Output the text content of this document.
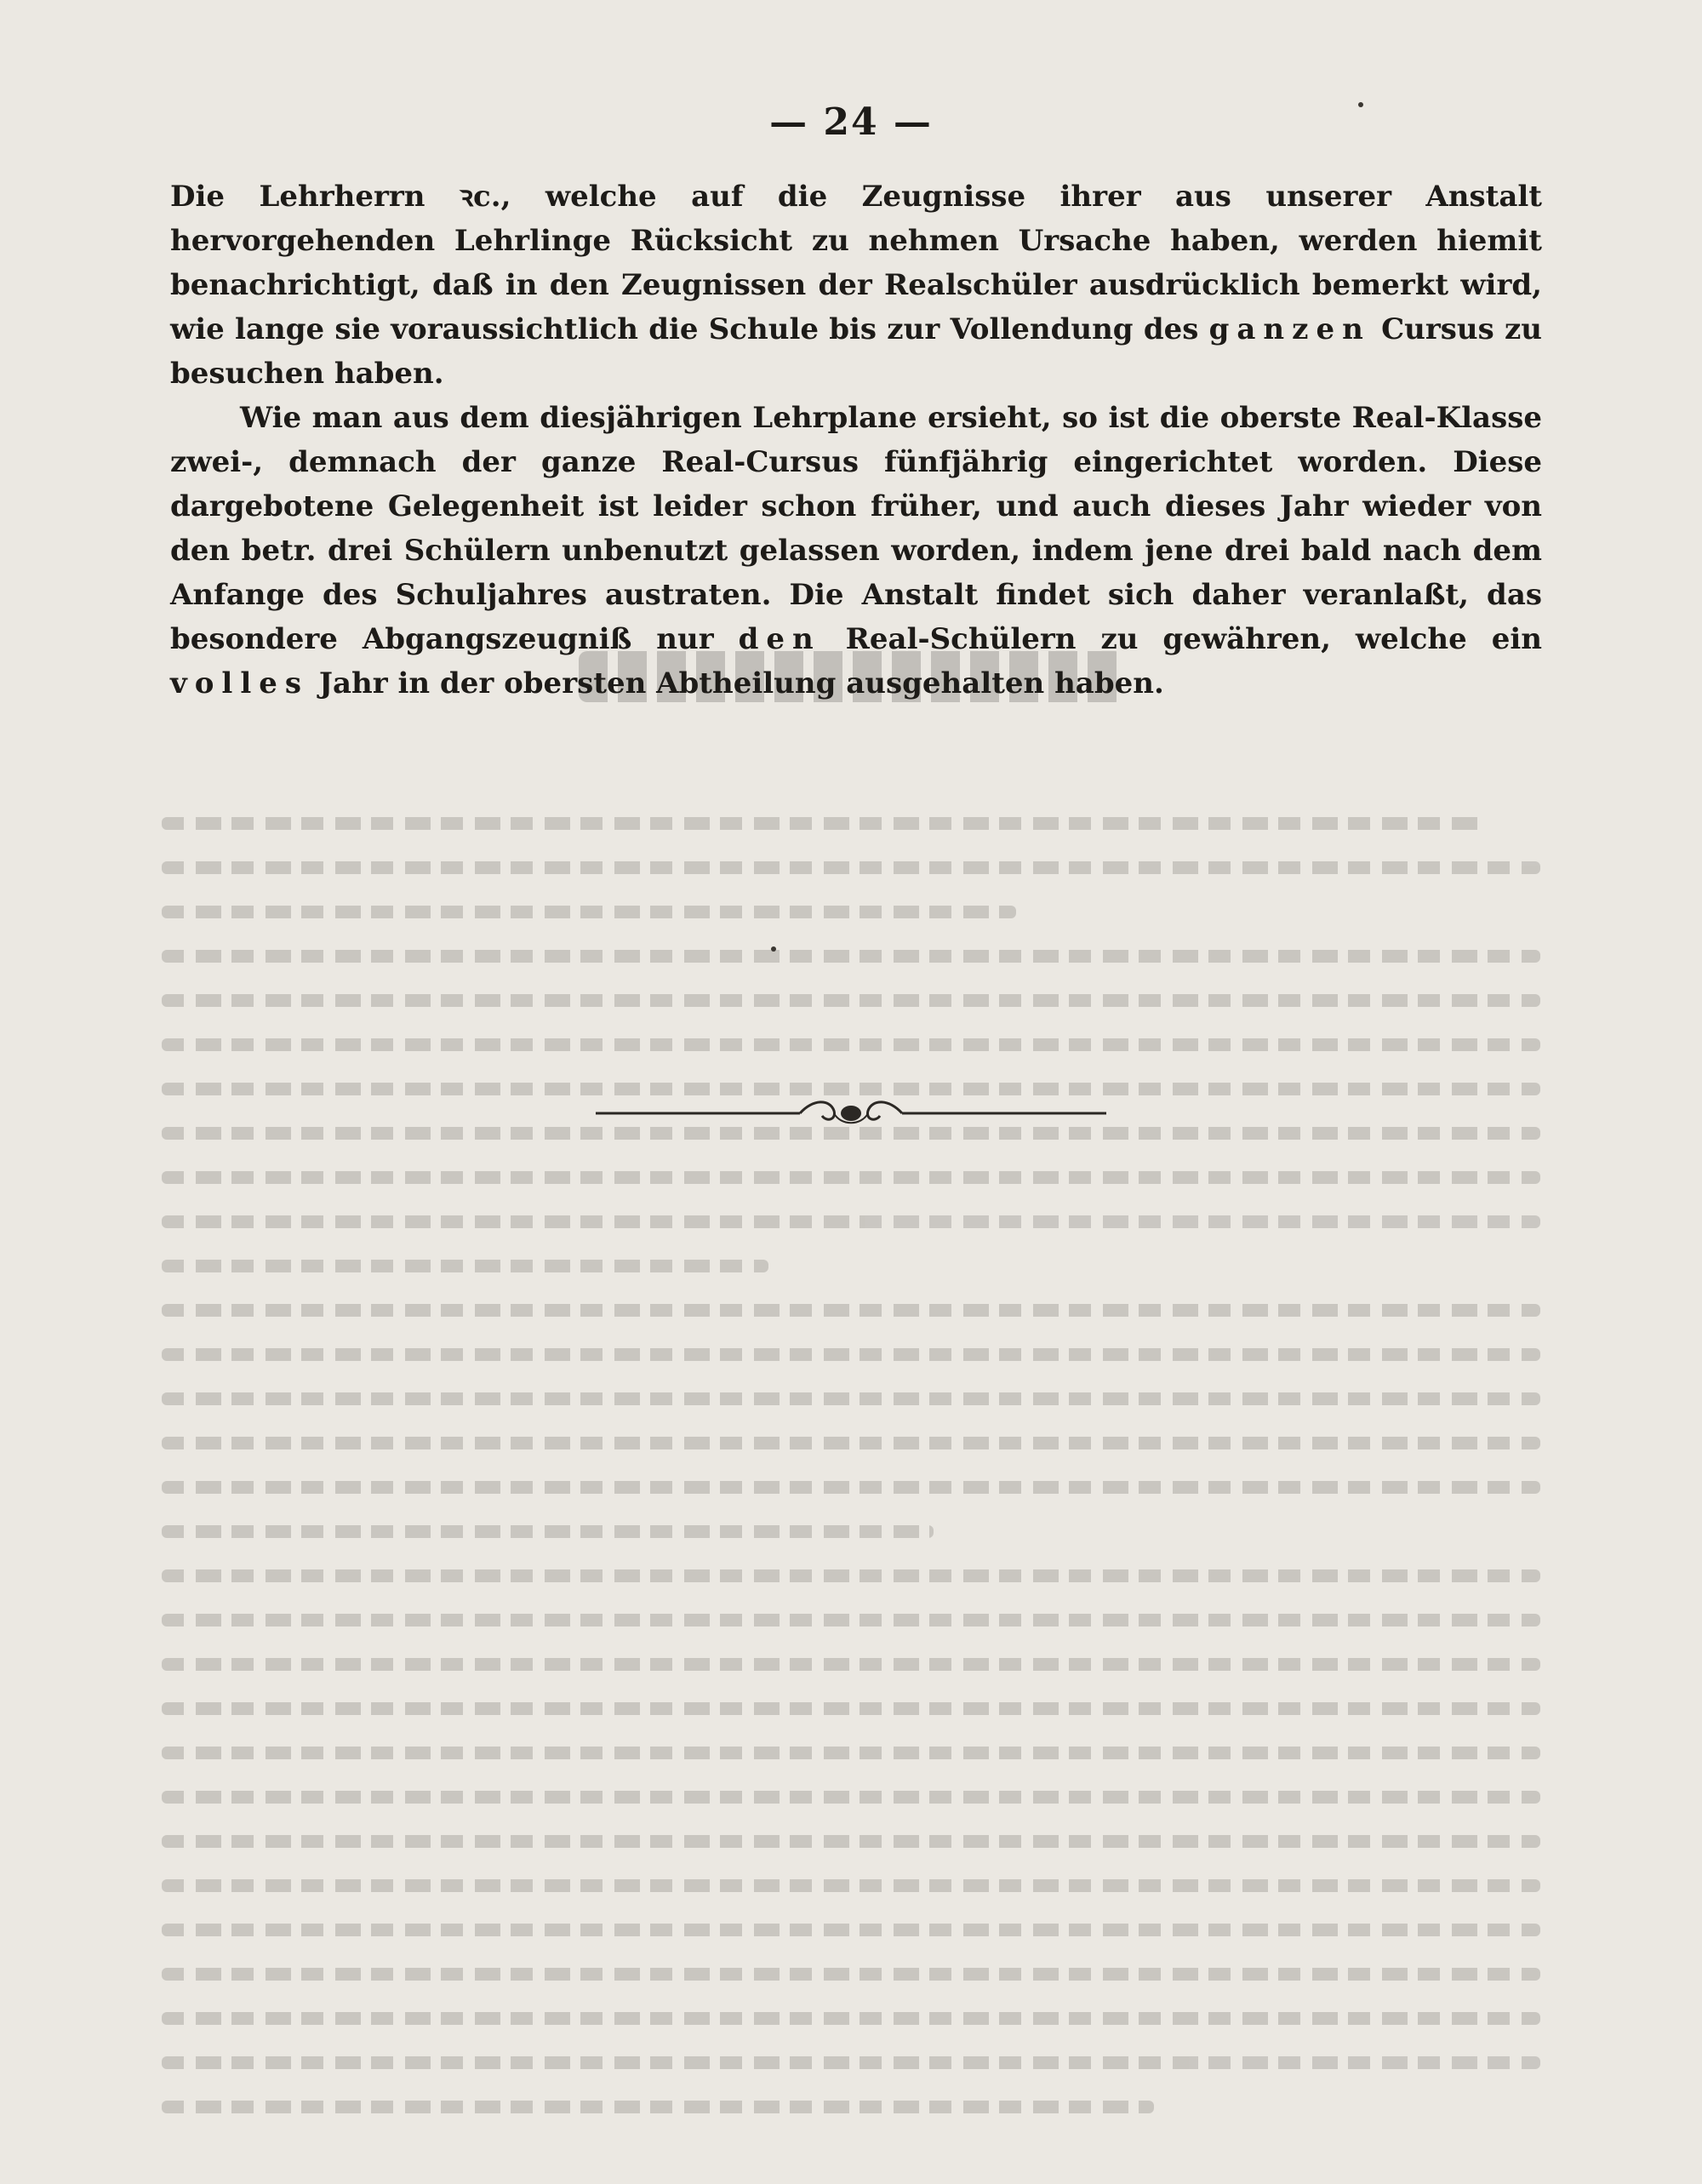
— 24 —

Die Lehrherrn ꝛc., welche auf die Zeugnisse ihrer aus unserer Anstalt hervorgehenden Lehrlinge Rücksicht zu nehmen Ursache haben, werden hiemit benachrichtigt, daß in den Zeugnissen der Realschüler ausdrücklich bemerkt wird, wie lange sie voraussichtlich die Schule bis zur Vollendung des ganzen Cursus zu besuchen haben.

Wie man aus dem diesjährigen Lehrplane ersieht, so ist die oberste Real-Klasse zwei-, demnach der ganze Real-Cursus fünfjährig eingerichtet worden. Diese dargebotene Gelegenheit ist leider schon früher, und auch dieses Jahr wieder von den betr. drei Schülern unbenutzt gelassen worden, indem jene drei bald nach dem Anfange des Schuljahres austraten. Die Anstalt findet sich daher veranlaßt, das besondere Abgangszeugniß nur den Real-Schülern zu gewähren, welche ein volles Jahr in der obersten Abtheilung ausgehalten haben.
